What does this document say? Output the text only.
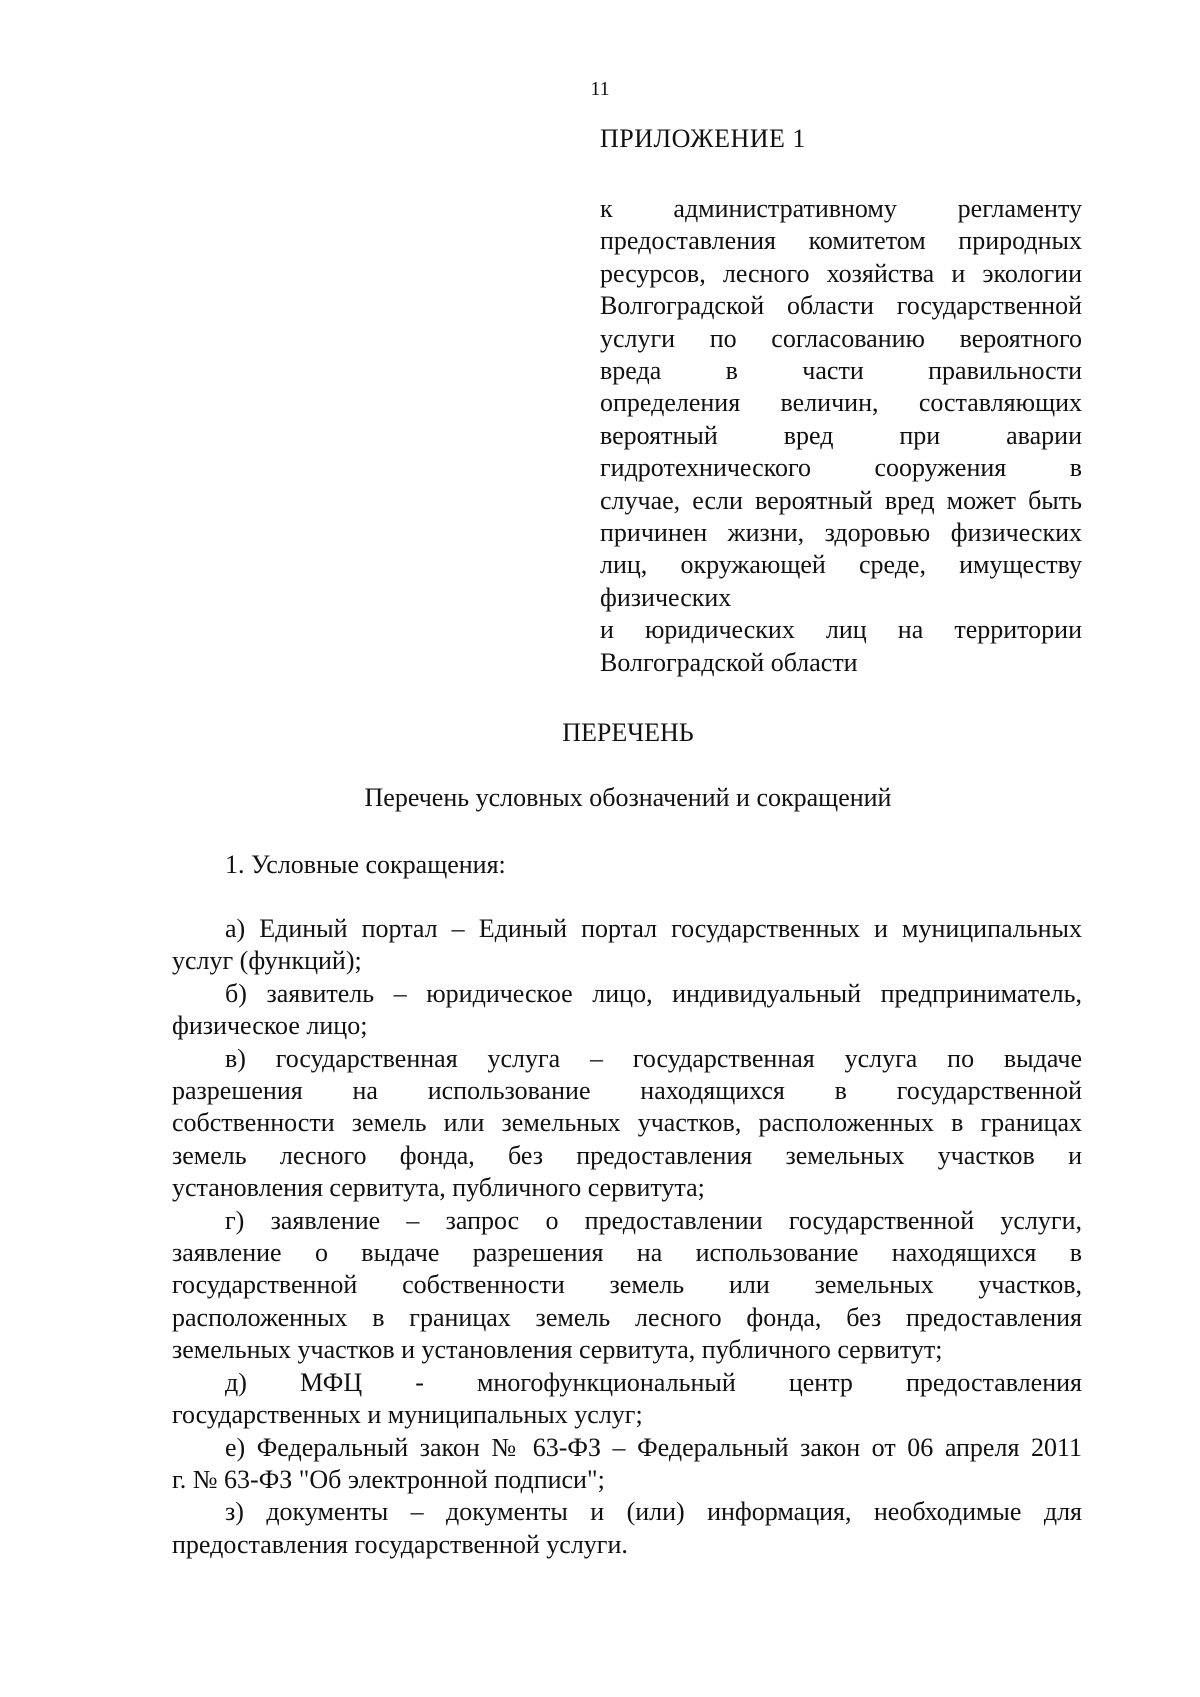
11
ПРИЛОЖЕНИЕ 1
к административному регламенту
предоставления комитетом природных
ресурсов, лесного хозяйства и экологии
Волгоградской области государственной
услуги по согласованию вероятного
вреда в части правильности
определения величин, составляющих
вероятный вред при аварии
гидротехнического сооружения в
случае, если вероятный вред может быть
причинен жизни, здоровью физических
лиц, окружающей среде, имуществу
физических
и юридических лиц на территории
Волгоградской области
ПЕРЕЧЕНЬ
Перечень условных обозначений и сокращений
1. Условные сокращения:
а) Единый портал – Единый портал государственных и муниципальных
услуг (функций);
б) заявитель – юридическое лицо, индивидуальный предприниматель,
физическое лицо;
в) государственная услуга – государственная услуга по выдаче
разрешения на использование находящихся в государственной
собственности земель или земельных участков, расположенных в границах
земель лесного фонда, без предоставления земельных участков и
установления сервитута, публичного сервитута;
г) заявление – запрос о предоставлении государственной услуги,
заявление о выдаче разрешения на использование находящихся в
государственной собственности земель или земельных участков,
расположенных в границах земель лесного фонда, без предоставления
земельных участков и установления сервитута, публичного сервитут;
д) МФЦ - многофункциональный центр предоставления
государственных и муниципальных услуг;
е) Федеральный закон № 63-ФЗ – Федеральный закон от 06 апреля 2011
г. № 63-ФЗ "Об электронной подписи";
з) документы – документы и (или) информация, необходимые для
предоставления государственной услуги.
